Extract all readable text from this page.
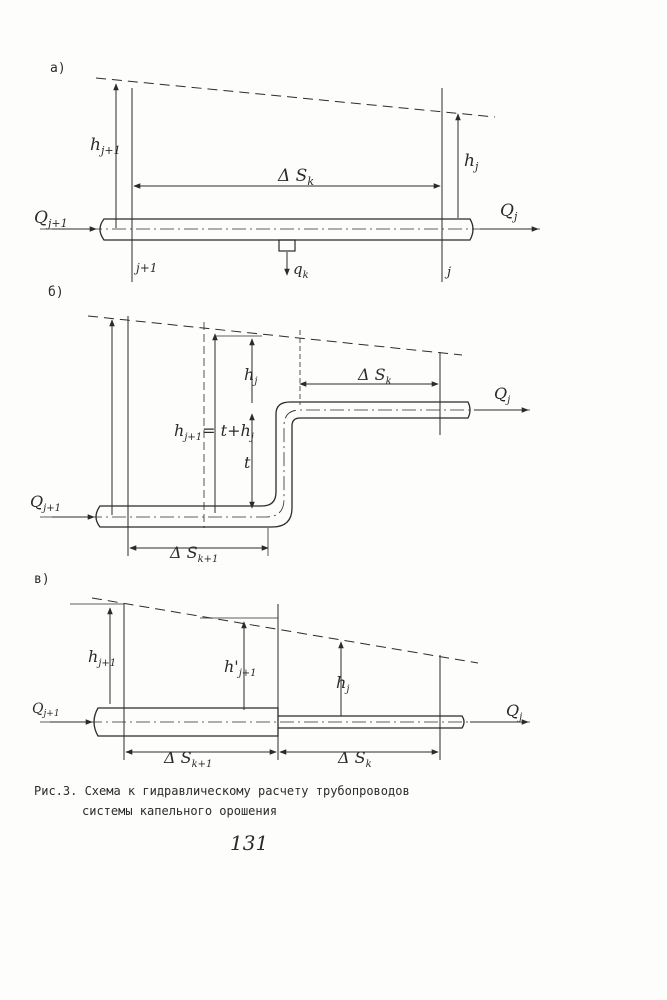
а)
$h_{j+1}$
$h_j$
Δ $S_k$
$Q_{j+1}$
$Q_j$
j+1	j
$q_k$
б)
$h_j$
$h_{j+1}= t+h_j$
t
Δ $S_k$
Δ $S_{k+1}$
$Q_{j+1}$
$Q_j$
в)
$h_{j+1}$	$h'_{j+1}$	$h_j$
Δ $S_{k+1}$	Δ $S_k$
$Q_{j+1}$	$Q_j$
Рис.3. Схема к гидравлическому расчету трубопроводов
системы капельного орошения
131
